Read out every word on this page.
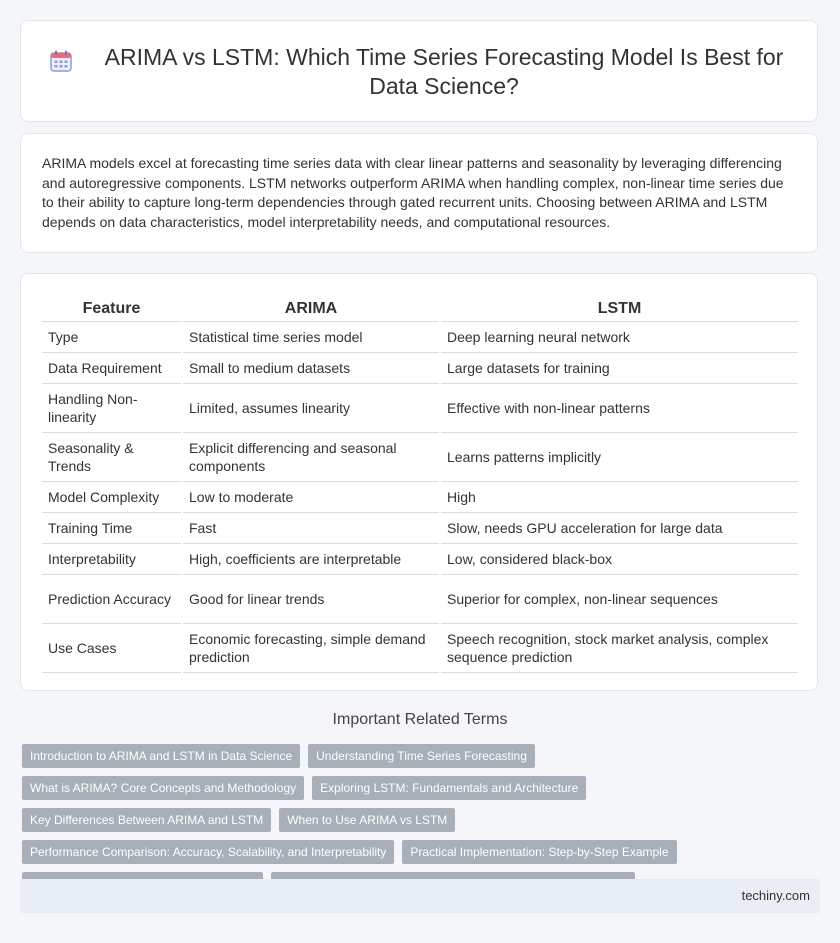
ARIMA vs LSTM: Which Time Series Forecasting Model Is Best for Data Science?
ARIMA models excel at forecasting time series data with clear linear patterns and seasonality by leveraging differencing and autoregressive components. LSTM networks outperform ARIMA when handling complex, non-linear time series due to their ability to capture long-term dependencies through gated recurrent units. Choosing between ARIMA and LSTM depends on data characteristics, model interpretability needs, and computational resources.
Feature	ARIMA	LSTM
Type	Statistical time series model	Deep learning neural network
Data Requirement	Small to medium datasets	Large datasets for training
Handling Non-linearity	Limited, assumes linearity	Effective with non-linear patterns
Seasonality & Trends	Explicit differencing and seasonal components	Learns patterns implicitly
Model Complexity	Low to moderate	High
Training Time	Fast	Slow, needs GPU acceleration for large data
Interpretability	High, coefficients are interpretable	Low, considered black-box
Prediction Accuracy	Good for linear trends	Superior for complex, non-linear sequences
Use Cases	Economic forecasting, simple demand prediction	Speech recognition, stock market analysis, complex sequence prediction
Important Related Terms
Introduction to ARIMA and LSTM in Data Science	Understanding Time Series Forecasting
What is ARIMA? Core Concepts and Methodology	Exploring LSTM: Fundamentals and Architecture
Key Differences Between ARIMA and LSTM	When to Use ARIMA vs LSTM
Performance Comparison: Accuracy, Scalability, and Interpretability	Practical Implementation: Step-by-Step Example
techiny.com
